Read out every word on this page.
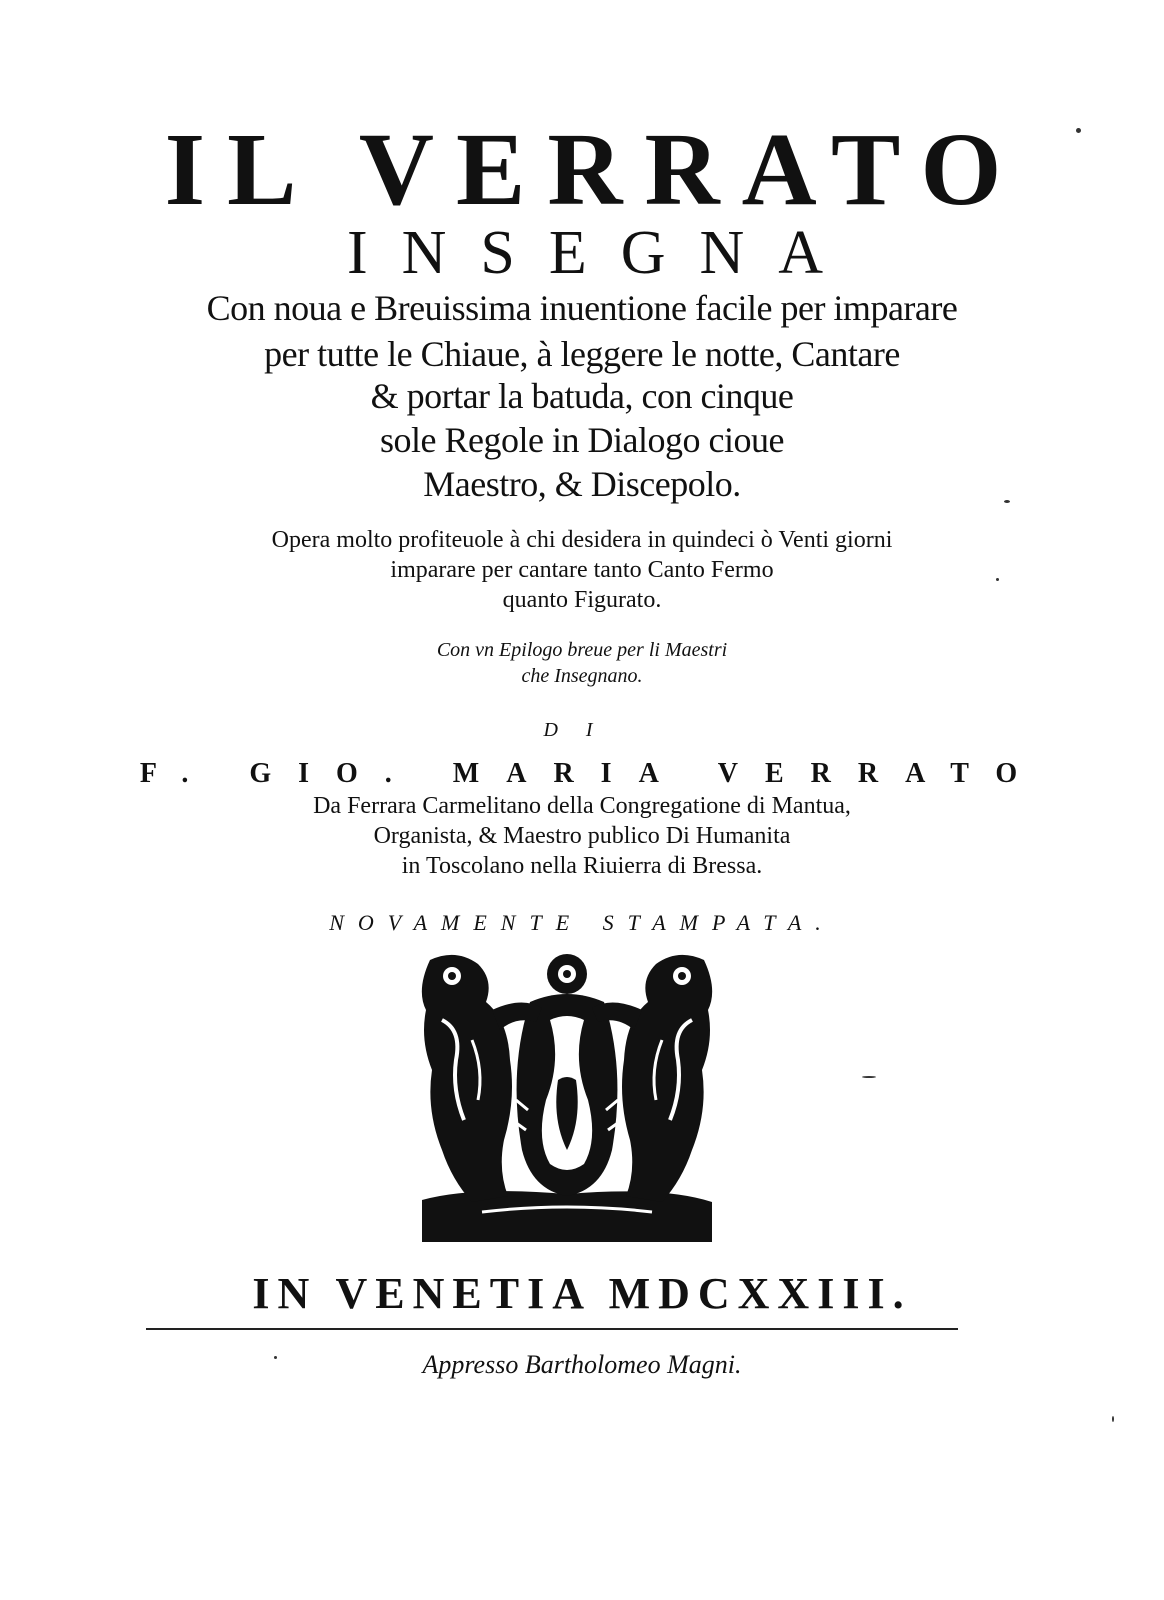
IL VERRATO
INSEGNA
Con noua e Breuissima inuentione facile per imparare
per tutte le Chiaue, à leggere le notte, Cantare
& portar la batuda, con cinque
sole Regole in Dialogo cioue
Maestro, & Discepolo.
Opera molto profiteuole à chi desidera in quindeci ò Venti giorni
imparare per cantare tanto Canto Fermo
quanto Figurato.
Con vn Epilogo breue per li Maestri
che Insegnano.
DI
F. GIO. MARIA VERRATO
Da Ferrara Carmelitano della Congregatione di Mantua,
Organista, & Maestro publico Di Humanita
in Toscolano nella Riuierra di Bressa.
NOVAMENTE STAMPATA.
IN VENETIA MDCXXIII.
Appresso Bartholomeo Magni.
